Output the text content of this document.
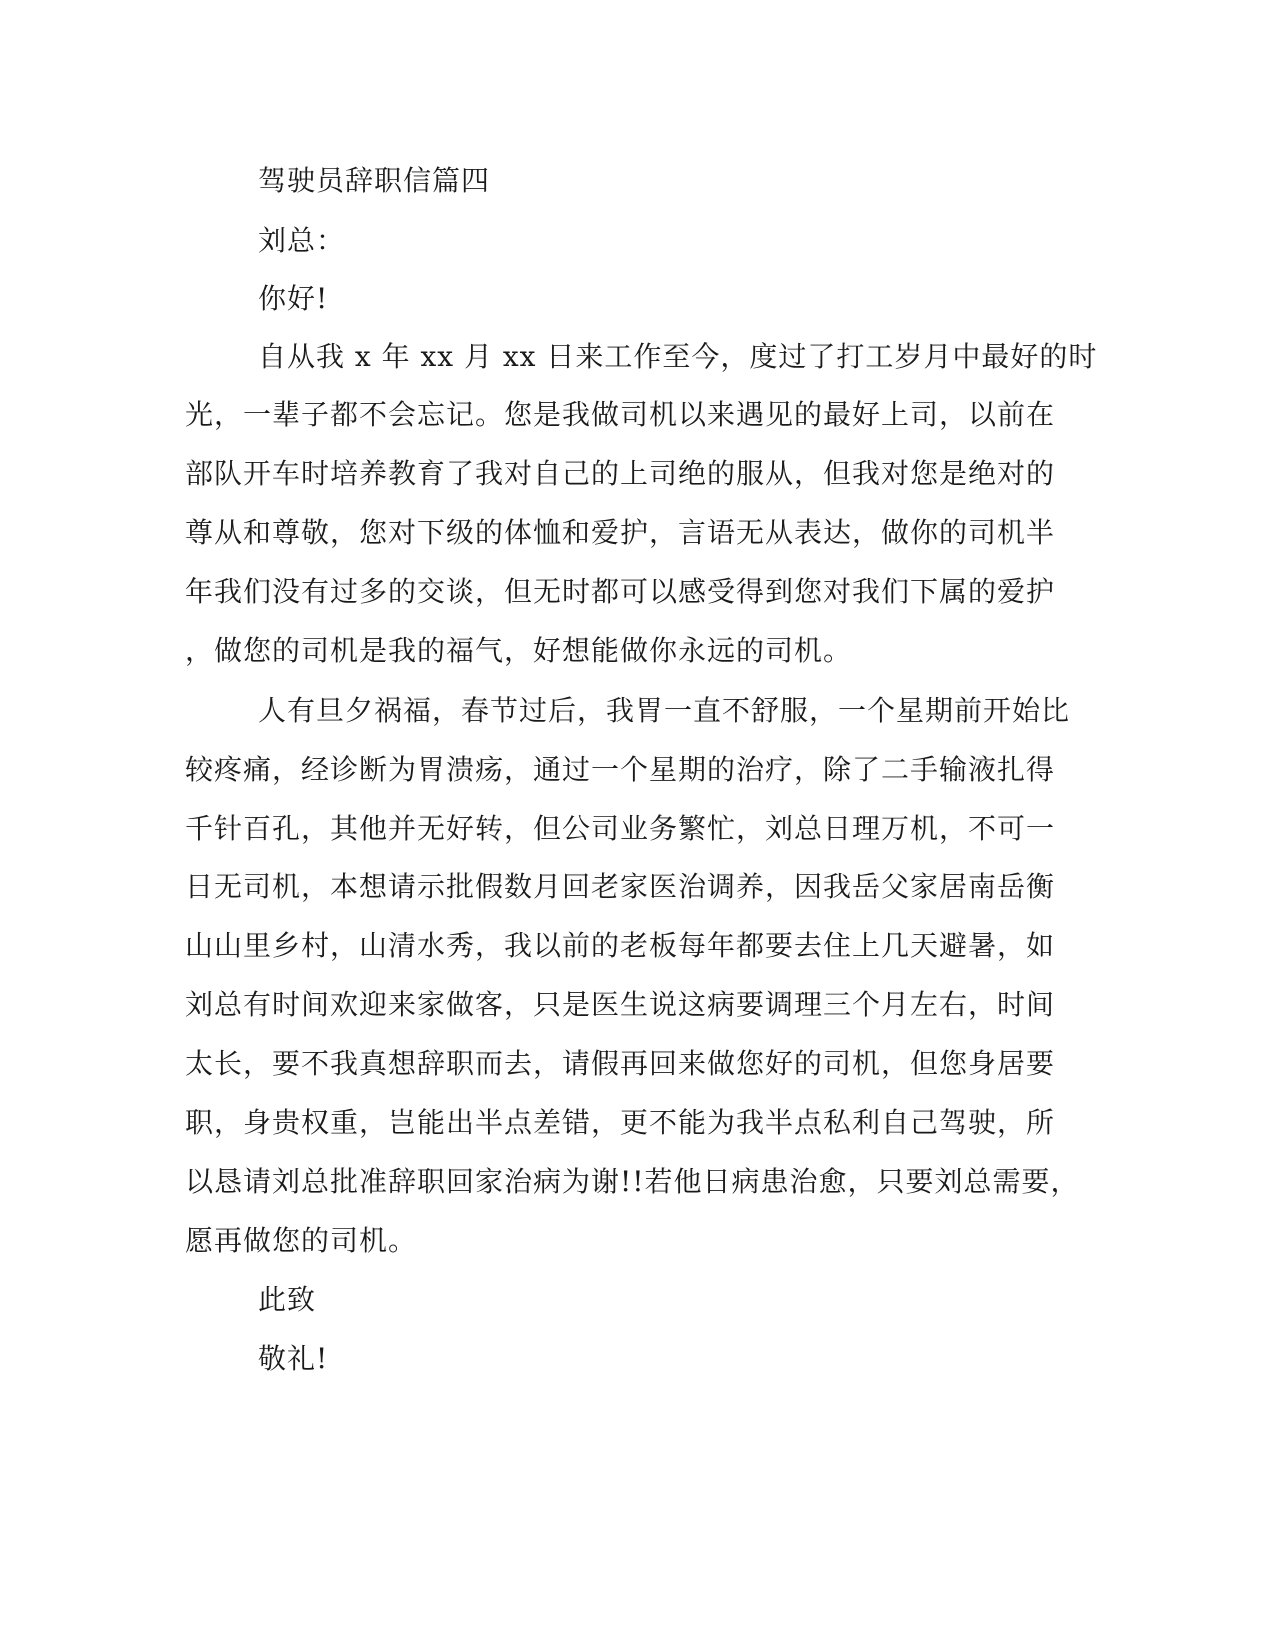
驾驶员辞职信篇四
刘总：
你好!
自从我 x 年 xx 月 xx 日来工作至今，度过了打工岁月中最好的时
光，一辈子都不会忘记。您是我做司机以来遇见的最好上司，以前在
部队开车时培养教育了我对自己的上司绝的服从，但我对您是绝对的
尊从和尊敬，您对下级的体恤和爱护，言语无从表达，做你的司机半
年我们没有过多的交谈，但无时都可以感受得到您对我们下属的爱护
，做您的司机是我的福气，好想能做你永远的司机。
人有旦夕祸福，春节过后，我胃一直不舒服，一个星期前开始比
较疼痛，经诊断为胃溃疡，通过一个星期的治疗，除了二手输液扎得
千针百孔，其他并无好转，但公司业务繁忙，刘总日理万机，不可一
日无司机，本想请示批假数月回老家医治调养，因我岳父家居南岳衡
山山里乡村，山清水秀，我以前的老板每年都要去住上几天避暑，如
刘总有时间欢迎来家做客，只是医生说这病要调理三个月左右，时间
太长，要不我真想辞职而去，请假再回来做您好的司机，但您身居要
职，身贵权重，岂能出半点差错，更不能为我半点私利自己驾驶，所
以恳请刘总批准辞职回家治病为谢!!若他日病患治愈，只要刘总需要，
愿再做您的司机。
此致
敬礼!
